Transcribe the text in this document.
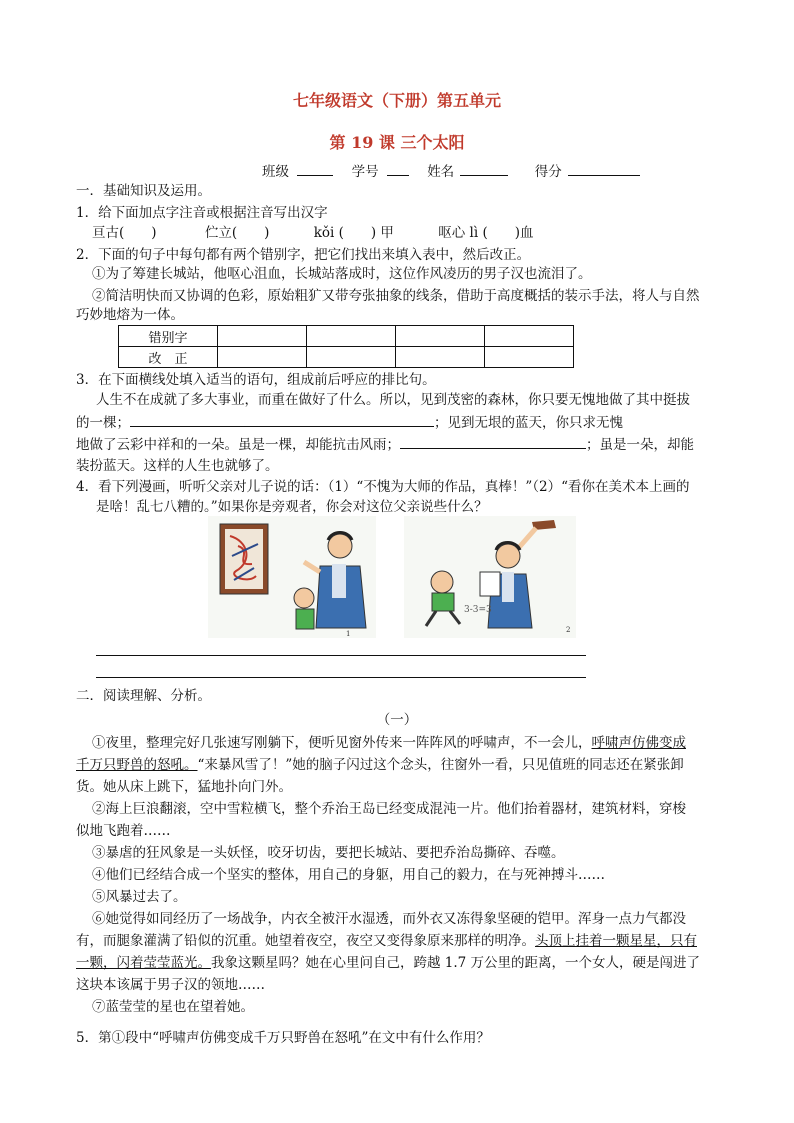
七年级语文（下册）第五单元
第 19 课 三个太阳
班级	学号	姓名	得分
一．基础知识及运用。
1．给下面加点字注音或根据注音写出汉字
亘古(　　)	伫立(　　)	kǒi (　　) 甲	呕心 lì (　　)血
2．下面的句子中每句都有两个错别字，把它们找出来填入表中，然后改正。
①为了筹建长城站，他呕心沮血，长城站落成时，这位作风凌历的男子汉也流泪了。
②简洁明快而又协调的色彩，原始粗犷又带夸张抽象的线条，借助于高度概括的装示手法，将人与自然
巧妙地熔为一体。
错别字				
改　正				
3．在下面横线处填入适当的语句，组成前后呼应的排比句。
人生不在成就了多大事业，而重在做好了什么。所以，见到茂密的森林，你只要无愧地做了其中挺拔
的一棵；	；见到无垠的蓝天，你只求无愧
地做了云彩中祥和的一朵。虽是一棵，却能抗击风雨；	；虽是一朵，却能
装扮蓝天。这样的人生也就够了。
4．看下列漫画，听听父亲对儿子说的话：（1）“不愧为大师的作品，真棒！”（2）“看你在美术本上画的
是啥！乱七八糟的。”如果你是旁观者，你会对这位父亲说些什么？
1
3-3=3
2
二．阅读理解、分析。
（一）
①夜里，整理完好几张速写刚躺下，便听见窗外传来一阵阵风的呼啸声，不一会儿，呼啸声仿佛变成
千万只野兽的怒吼。“来暴风雪了！”她的脑子闪过这个念头，往窗外一看，只见值班的同志还在紧张卸
货。她从床上跳下，猛地扑向门外。
②海上巨浪翻滚，空中雪粒横飞，整个乔治王岛已经变成混沌一片。他们抬着器材，建筑材料，穿梭
似地飞跑着……
③暴虐的狂风象是一头妖怪，咬牙切齿，要把长城站、要把乔治岛撕碎、吞噬。
④他们已经结合成一个坚实的整体，用自己的身躯，用自己的毅力，在与死神搏斗……
⑤风暴过去了。
⑥她觉得如同经历了一场战争，内衣全被汗水湿透，而外衣又冻得象坚硬的铠甲。浑身一点力气都没
有，而腿象灌满了铅似的沉重。她望着夜空，夜空又变得象原来那样的明净。头顶上挂着一颗星星，只有
一颗，闪着莹莹蓝光。我象这颗星吗？她在心里问自己，跨越 1.7 万公里的距离，一个女人，硬是闯进了
这块本该属于男子汉的领地……
⑦蓝莹莹的星也在望着她。
5．第①段中“呼啸声仿佛变成千万只野兽在怒吼”在文中有什么作用？
